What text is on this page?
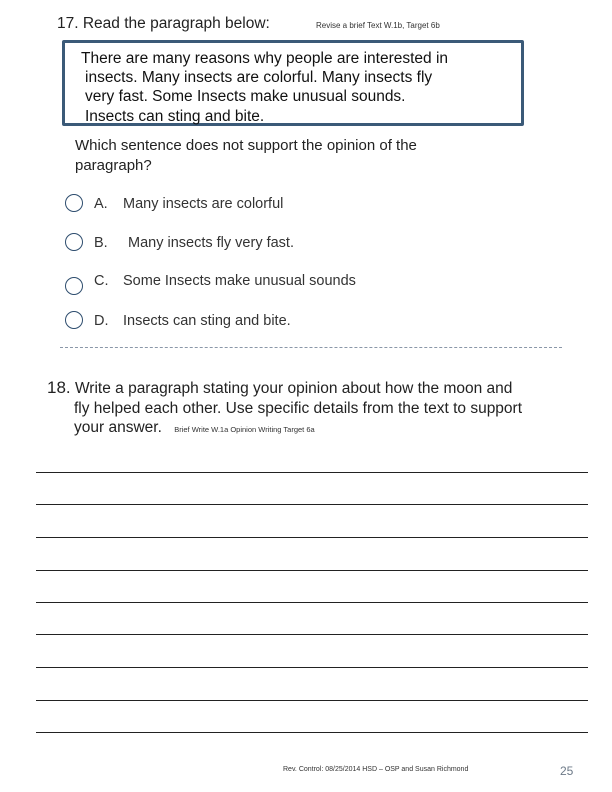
17. Read the paragraph below:	Revise a brief Text W.1b, Target 6b
There are many reasons why people are interested in
insects. Many insects are colorful. Many insects fly
very fast. Some Insects make unusual sounds.
Insects can sting and bite.
Which sentence does not support the opinion of the
paragraph?
A. Many insects are colorful
B. Many insects fly very fast.
C. Some Insects make unusual sounds
D. Insects can sting and bite.
18. Write a paragraph stating your opinion about how the moon and
fly helped each other. Use specific details from the text to support
your answer. Brief Write W.1a Opinion Writing Target 6a
Rev. Control: 08/25/2014 HSD – OSP and Susan Richmond	25
